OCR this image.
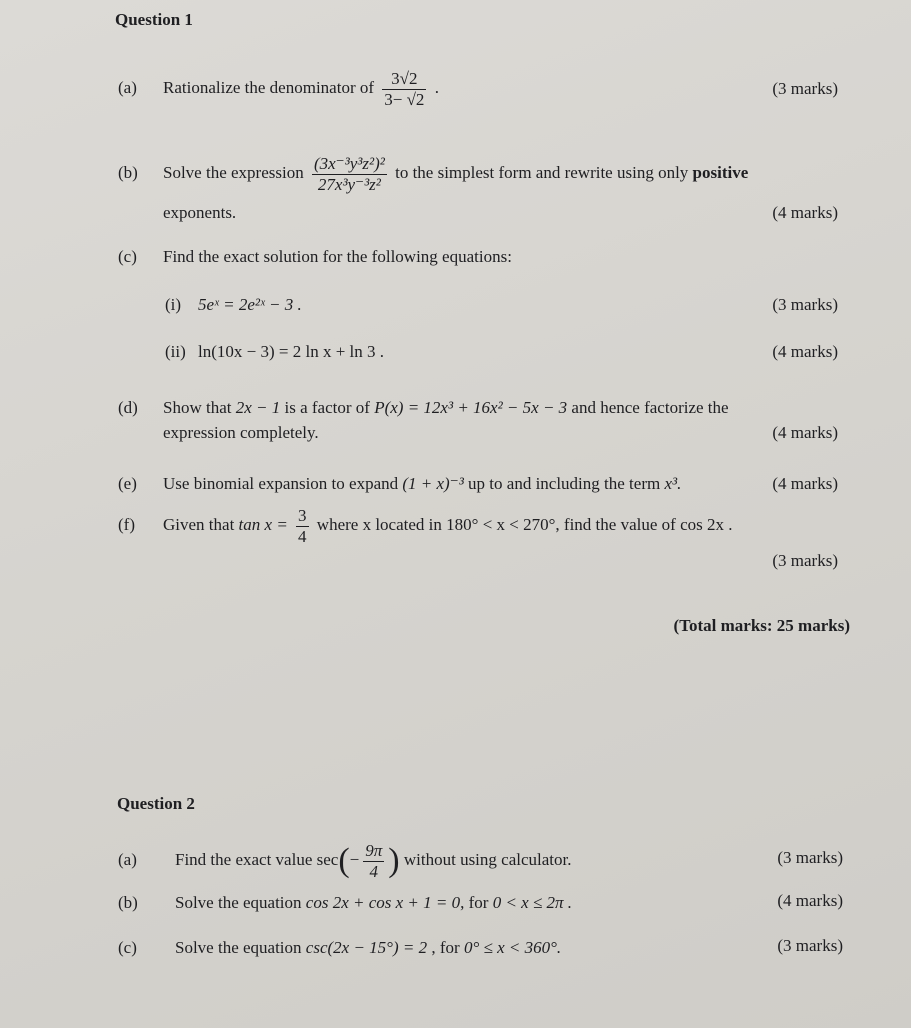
Question 1
(a) Rationalize the denominator of $\frac{3√2}{3- √2}$ .	(3 marks)
(b) Solve the expression $\frac{\text{(3x⁻³y³z²)²}}{\text{27x³y⁻³z²}}$ to the simplest form and rewrite using only positive
exponents.	(4 marks)
(c) Find the exact solution for the following equations:
(i) 5eˣ = 2e²ˣ − 3 .	(3 marks)
(ii) ln(10x − 3) = 2 ln x + ln 3 .	(4 marks)
(d) Show that 2x − 1 is a factor of P(x) = 12x³ + 16x² − 5x − 3 and hence factorize the
expression completely.	(4 marks)
(e) Use binomial expansion to expand (1 + x)⁻³ up to and including the term x³.	(4 marks)
(f) Given that $\tan x = \frac{3}{4}$ where x located in 180° < x < 270°, find the value of cos 2x .
(3 marks)
(Total marks: 25 marks)
Question 2
(a) Find the exact value $\sec(- \frac{9\pi}{4}$ ) without using calculator.	(3 marks)
(b) Solve the equation cos 2x + cos x + 1 = 0, for 0 < x ≤ 2π .	(4 marks)
(c) Solve the equation csc(2x − 15°) = 2 , for 0° ≤ x < 360°.	(3 marks)
